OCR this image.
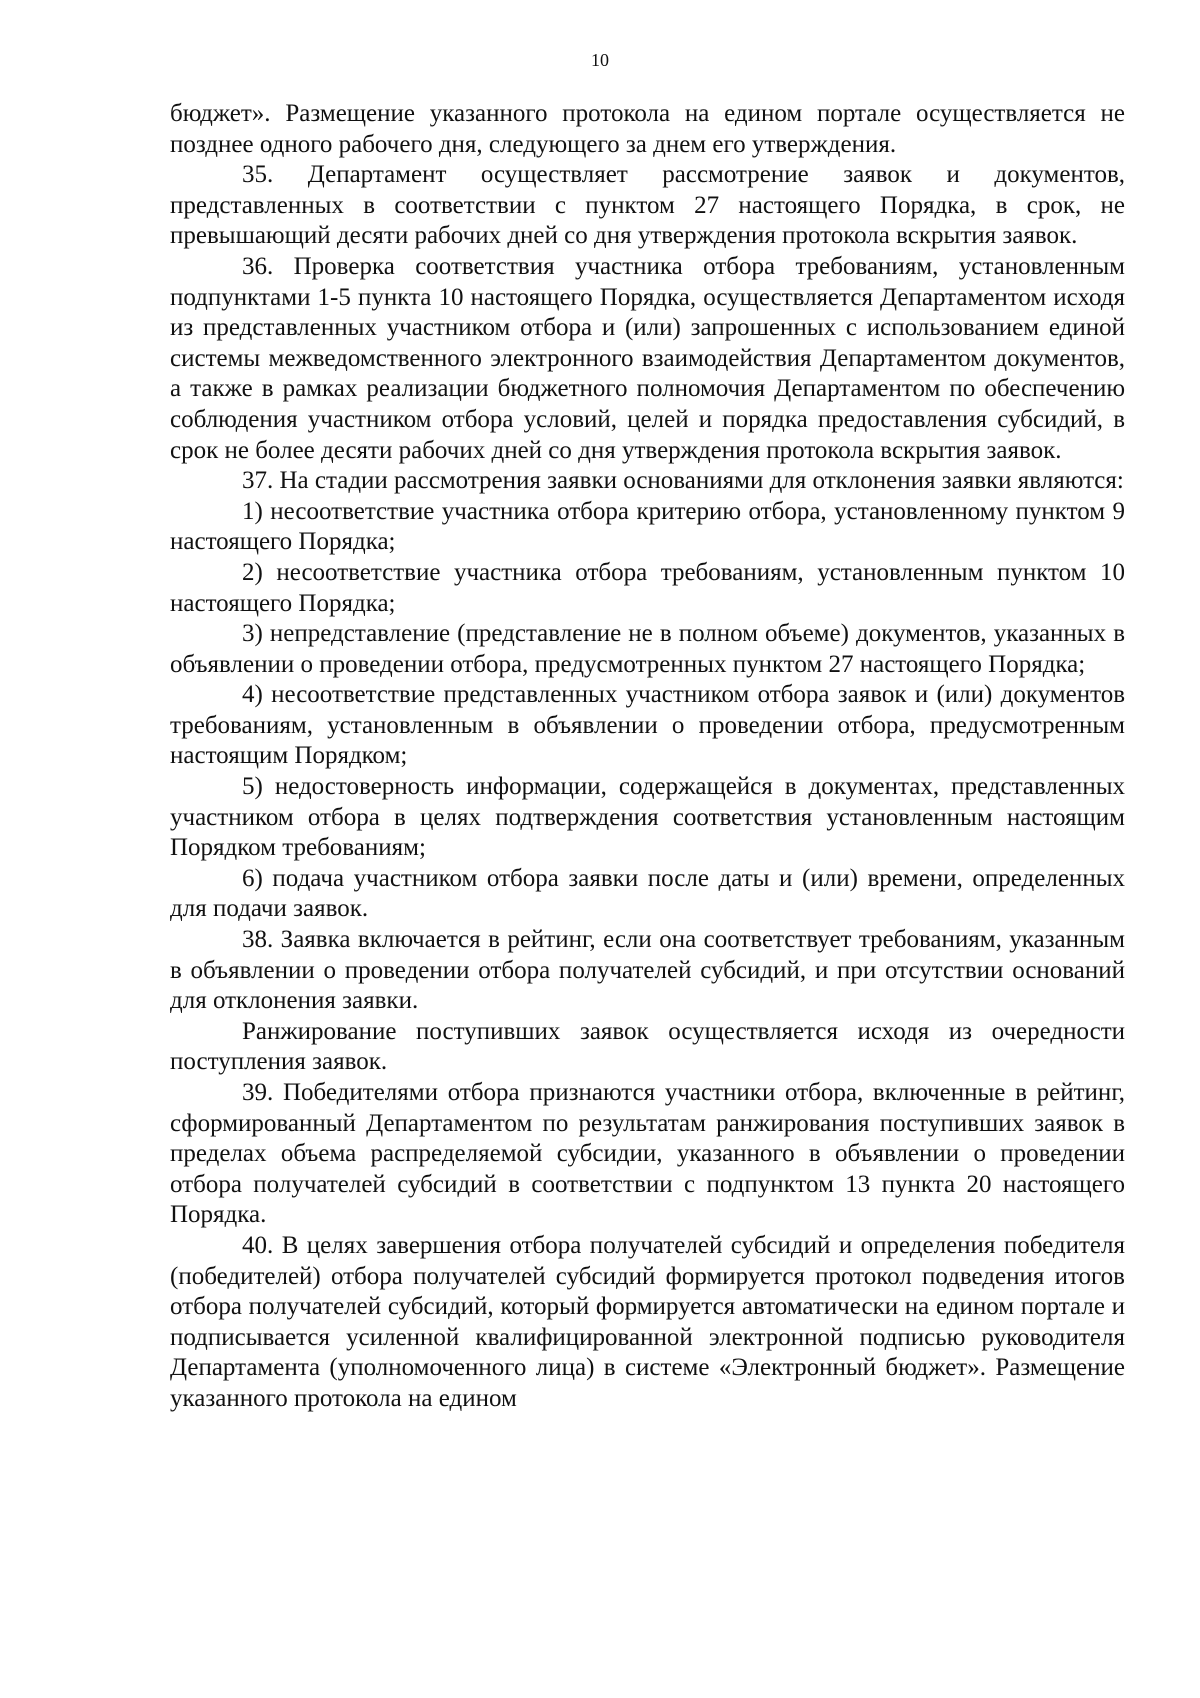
10

бюджет». Размещение указанного протокола на едином портале осуществляется не позднее одного рабочего дня, следующего за днем его утверждения.

35. Департамент осуществляет рассмотрение заявок и документов, представленных в соответствии с пунктом 27 настоящего Порядка, в срок, не превышающий десяти рабочих дней со дня утверждения протокола вскрытия заявок.

36. Проверка соответствия участника отбора требованиям, установленным подпунктами 1-5 пункта 10 настоящего Порядка, осуществляется Департаментом исходя из представленных участником отбора и (или) запрошенных с использованием единой системы межведомственного электронного взаимодействия Департаментом документов, а также в рамках реализации бюджетного полномочия Департаментом по обеспечению соблюдения участником отбора условий, целей и порядка предоставления субсидий, в срок не более десяти рабочих дней со дня утверждения протокола вскрытия заявок.

37. На стадии рассмотрения заявки основаниями для отклонения заявки являются:

1) несоответствие участника отбора критерию отбора, установленному пунктом 9 настоящего Порядка;

2) несоответствие участника отбора требованиям, установленным пунктом 10 настоящего Порядка;

3) непредставление (представление не в полном объеме) документов, указанных в объявлении о проведении отбора, предусмотренных пунктом 27 настоящего Порядка;

4) несоответствие представленных участником отбора заявок и (или) документов требованиям, установленным в объявлении о проведении отбора, предусмотренным настоящим Порядком;

5) недостоверность информации, содержащейся в документах, представленных участником отбора в целях подтверждения соответствия установленным настоящим Порядком требованиям;

6) подача участником отбора заявки после даты и (или) времени, определенных для подачи заявок.

38. Заявка включается в рейтинг, если она соответствует требованиям, указанным в объявлении о проведении отбора получателей субсидий, и при отсутствии оснований для отклонения заявки.

Ранжирование поступивших заявок осуществляется исходя из очередности поступления заявок.

39. Победителями отбора признаются участники отбора, включенные в рейтинг, сформированный Департаментом по результатам ранжирования поступивших заявок в пределах объема распределяемой субсидии, указанного в объявлении о проведении отбора получателей субсидий в соответствии с подпунктом 13 пункта 20 настоящего Порядка.

40. В целях завершения отбора получателей субсидий и определения победителя (победителей) отбора получателей субсидий формируется протокол подведения итогов отбора получателей субсидий, который формируется автоматически на едином портале и подписывается усиленной квалифицированной электронной подписью руководителя Департамента (уполномоченного лица) в системе «Электронный бюджет». Размещение указанного протокола на едином
